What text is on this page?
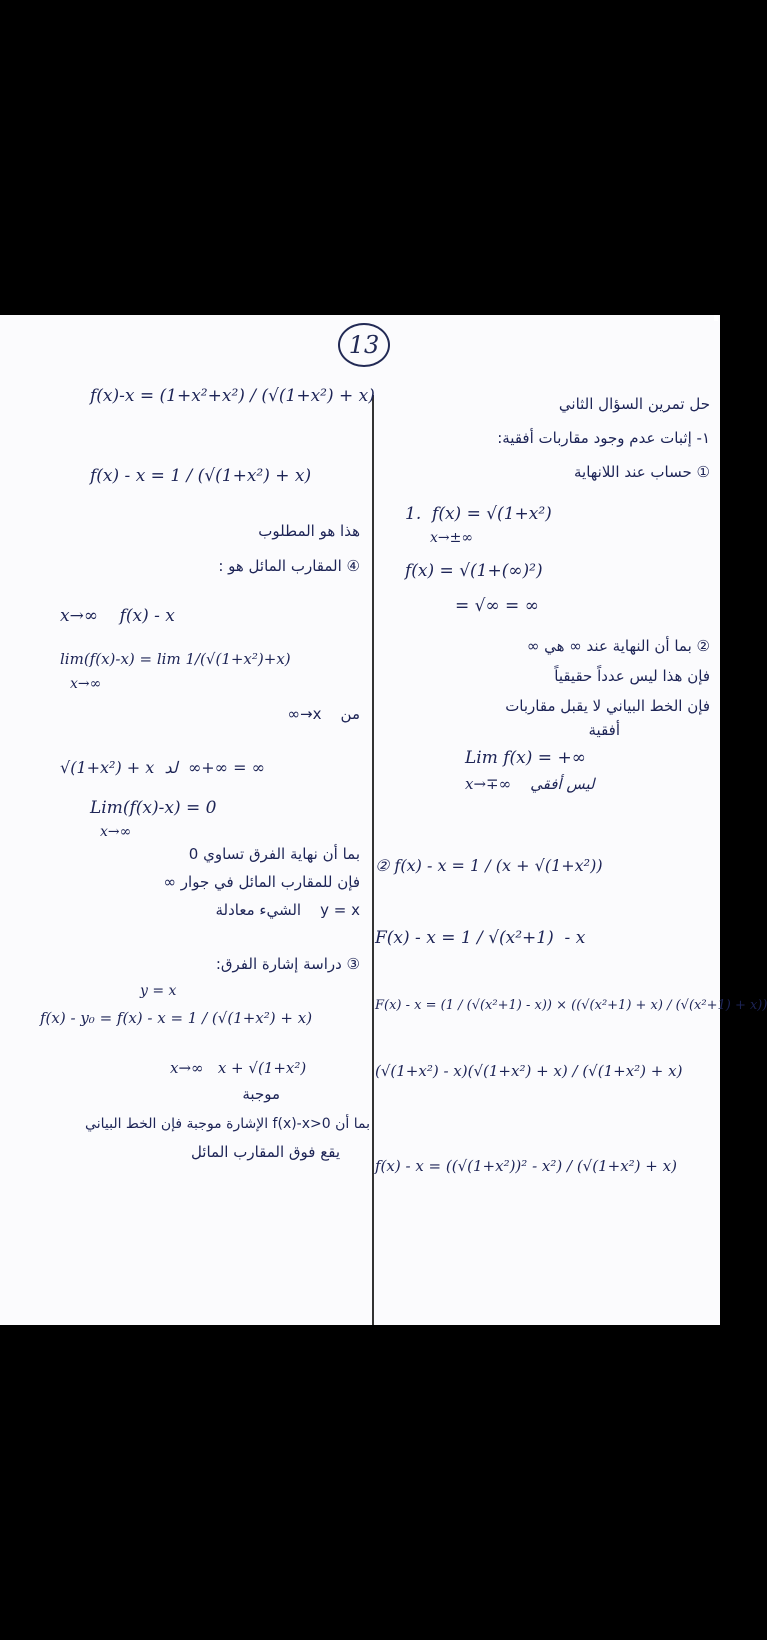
13
f(x)-x = (1+x²+x²) / (√(1+x²) + x)
f(x) - x = 1 / (√(1+x²) + x)
هذا هو المطلوب
④ المقارب المائل هو :
x→∞    f(x) - x
lim(f(x)-x) = lim 1/(√(1+x²)+x)
x→∞
من    x→∞
√(1+x²) + x  لد  ∞+∞ = ∞
Lim(f(x)-x) = 0
x→∞
بما أن نهاية الفرق تساوي 0
فإن للمقارب المائل في جوار ∞
y = x    الشيء معادلة
③ دراسة إشارة الفرق:
y = x
f(x) - y₀ = f(x) - x = 1 / (√(1+x²) + x)
x→∞   x + √(1+x²)
موجبة
بما أن f(x)-x>0 الإشارة موجبة فإن الخط البياني
يقع فوق المقارب المائل
حل تمرين السؤال الثاني
١- إثبات عدم وجود مقاربات أفقية:
① حساب عند اللانهاية
1.  f(x) = √(1+x²)
x→±∞
f(x) = √(1+(∞)²)
= √∞ = ∞
② بما أن النهاية عند ∞ هي ∞
فإن هذا ليس عدداً حقيقياً
فإن الخط البياني لا يقبل مقاربات
أفقية
Lim f(x) = +∞
x→∓∞    ليس أفقي
② f(x) - x = 1 / (x + √(1+x²))
F(x) - x = 1 / √(x²+1)  - x
F(x) - x = (1 / (√(x²+1) - x)) × ((√(x²+1) + x) / (√(x²+1) + x))
(√(1+x²) - x)(√(1+x²) + x) / (√(1+x²) + x)
f(x) - x = ((√(1+x²))² - x²) / (√(1+x²) + x)
